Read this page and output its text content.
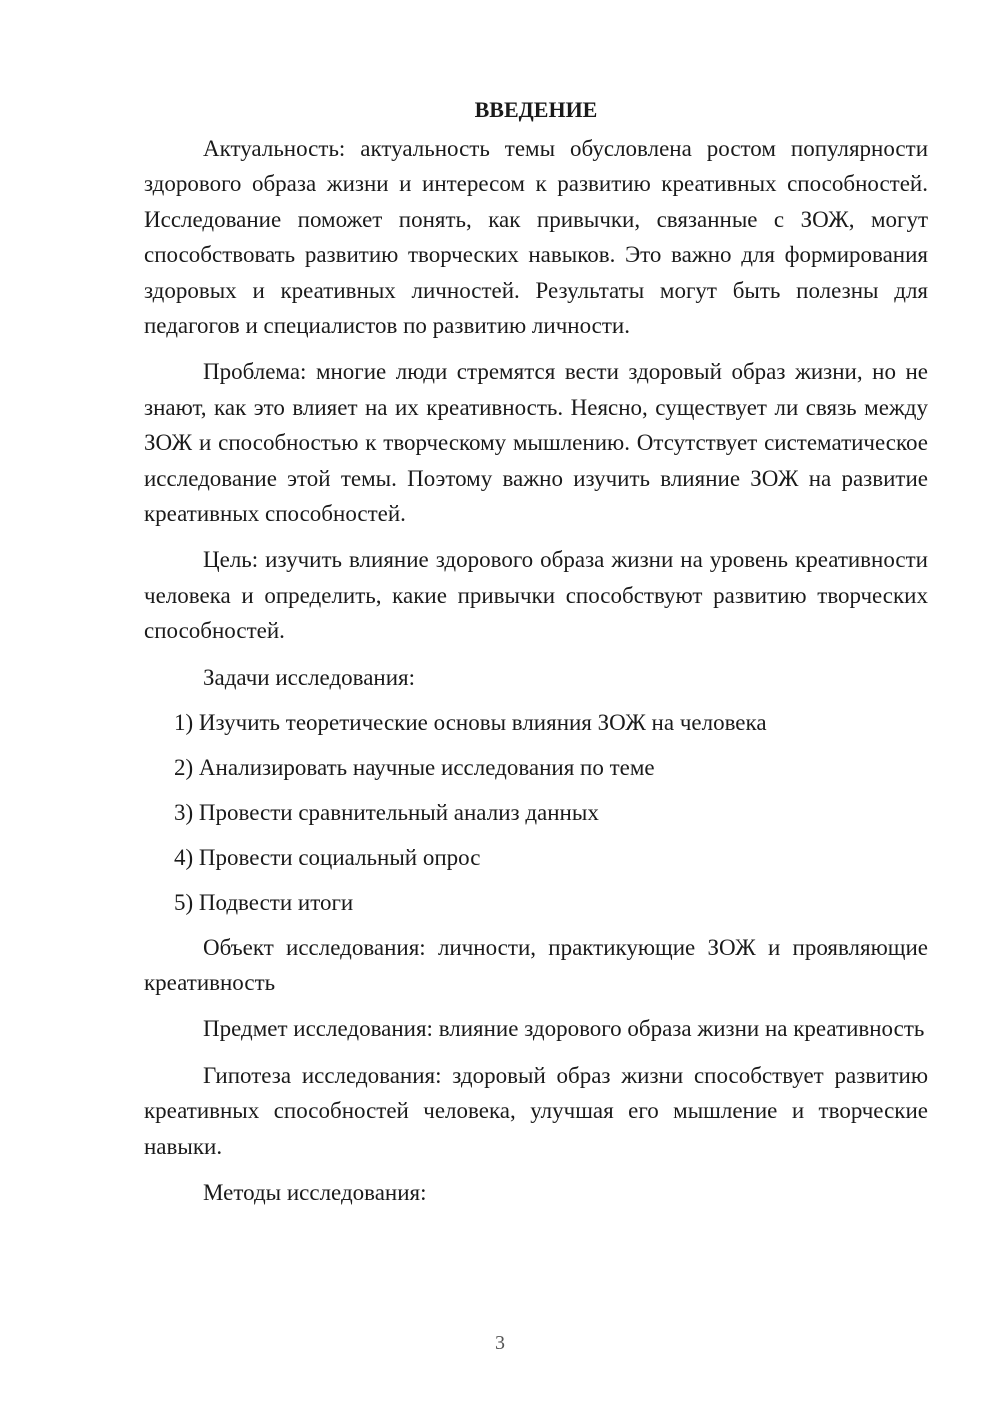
ВВЕДЕНИЕ

Актуальность: актуальность темы обусловлена ростом популярности здорового образа жизни и интересом к развитию креативных способностей. Исследование поможет понять, как привычки, связанные с ЗОЖ, могут способствовать развитию творческих навыков. Это важно для формирования здоровых и креативных личностей. Результаты могут быть полезны для педагогов и специалистов по развитию личности.

Проблема: многие люди стремятся вести здоровый образ жизни, но не знают, как это влияет на их креативность. Неясно, существует ли связь между ЗОЖ и способностью к творческому мышлению. Отсутствует систематическое исследование этой темы. Поэтому важно изучить влияние ЗОЖ на развитие креативных способностей.

Цель: изучить влияние здорового образа жизни на уровень креативности человека и определить, какие привычки способствуют развитию творческих способностей.

Задачи исследования:

1) Изучить теоретические основы влияния ЗОЖ на человека
2) Анализировать научные исследования по теме
3) Провести сравнительный анализ данных
4) Провести социальный опрос
5) Подвести итоги

Объект исследования: личности, практикующие ЗОЖ и проявляющие креативность

Предмет исследования: влияние здорового образа жизни на креативность

Гипотеза исследования: здоровый образ жизни способствует развитию креативных способностей человека, улучшая его мышление и творческие навыки.

Методы исследования:

3
